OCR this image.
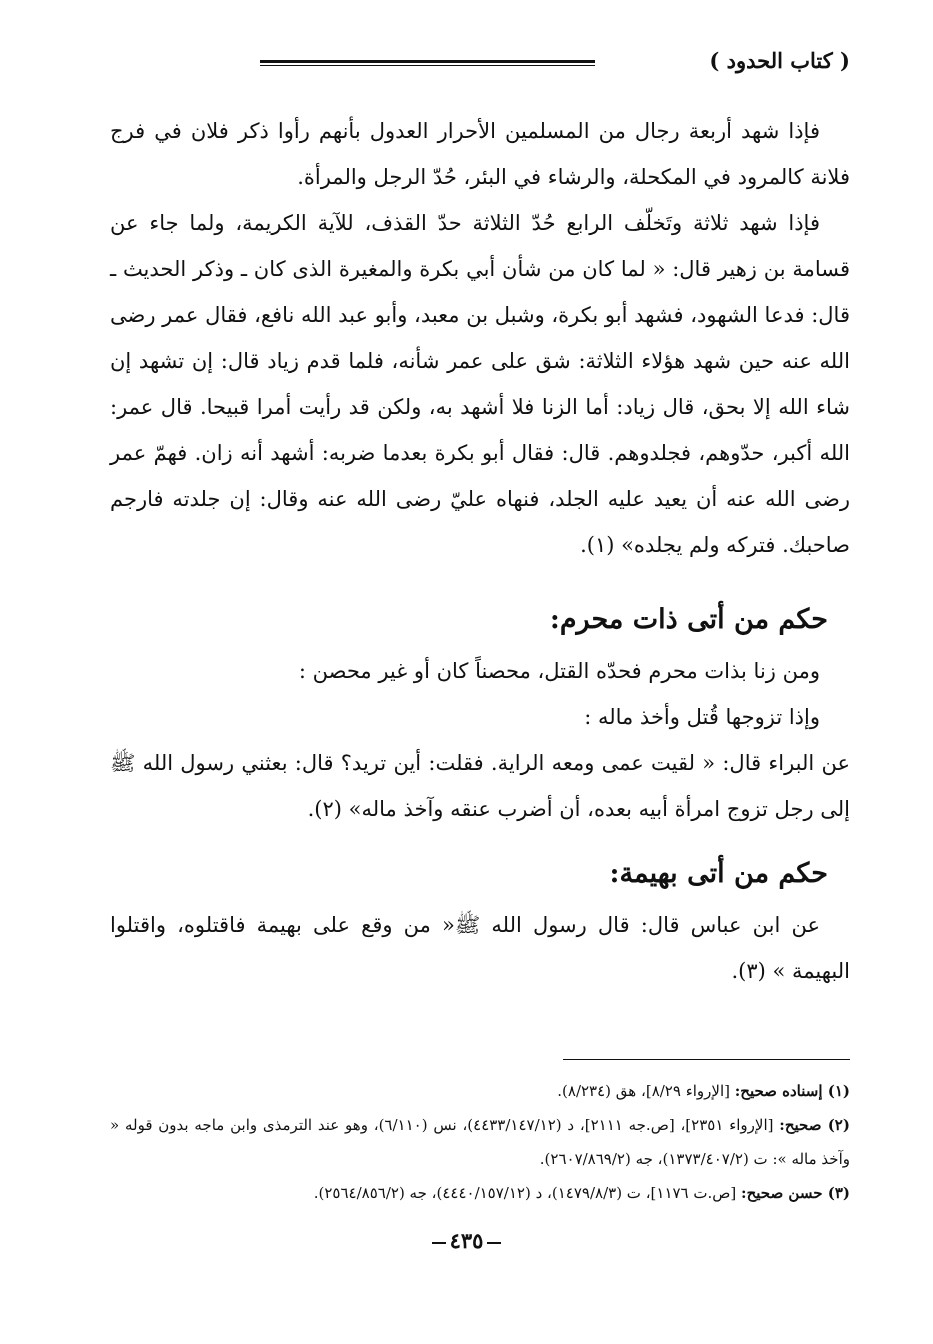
( كتاب الحدود )

فإذا شهد أربعة رجال من المسلمين الأحرار العدول بأنهم رأوا ذكر فلان في فرج فلانة كالمرود في المكحلة، والرشاء في البئر، حُدّ الرجل والمرأة.

فإذا شهد ثلاثة وتَخلّف الرابع حُدّ الثلاثة حدّ القذف، للآية الكريمة، ولما جاء عن قسامة بن زهير قال: « لما كان من شأن أبي بكرة والمغيرة الذى كان ـ وذكر الحديث ـ قال: فدعا الشهود، فشهد أبو بكرة، وشبل بن معبد، وأبو عبد الله نافع، فقال عمر رضى الله عنه حين شهد هؤلاء الثلاثة: شق على عمر شأنه، فلما قدم زياد قال: إن تشهد إن شاء الله إلا بحق، قال زياد: أما الزنا فلا أشهد به، ولكن قد رأيت أمرا قبيحا. قال عمر: الله أكبر، حدّوهم، فجلدوهم. قال: فقال أبو بكرة بعدما ضربه: أشهد أنه زان. فهمّ عمر رضى الله عنه أن يعيد عليه الجلد، فنهاه عليّ رضى الله عنه وقال: إن جلدته فارجم صاحبك. فتركه ولم يجلده» (١).

حكم من أتى ذات محرم:

ومن زنا بذات محرم فحدّه القتل، محصناً كان أو غير محصن :

وإذا تزوجها قُتل وأخذ ماله :

عن البراء قال: « لقيت عمى ومعه الراية. فقلت: أين تريد؟ قال: بعثني رسول الله ﷺ إلى رجل تزوج امرأة أبيه بعده، أن أضرب عنقه وآخذ ماله» (٢).

حكم من أتى بهيمة:

عن ابن عباس قال: قال رسول الله ﷺ« من وقع على بهيمة فاقتلوه، واقتلوا البهيمة » (٣).

(١) إسناده صحيح: [الإرواء ٨/٢٩]، هق (٨/٢٣٤).

(٢) صحيح: [الإرواء ٢٣٥١]، [ص.جه ٢١١١]، د (٤٤٣٣/١٤٧/١٢)، نس (٦/١١٠)، وهو عند الترمذى وابن ماجه بدون قوله « وآخذ ماله »: ت (١٣٧٣/٤٠٧/٢)، جه (٢٦٠٧/٨٦٩/٢).

(٣) حسن صحيح: [ص.ت ١١٧٦]، ت (١٤٧٩/٨/٣)، د (٤٤٤٠/١٥٧/١٢)، جه (٢٥٦٤/٨٥٦/٢).

٤٣٥
